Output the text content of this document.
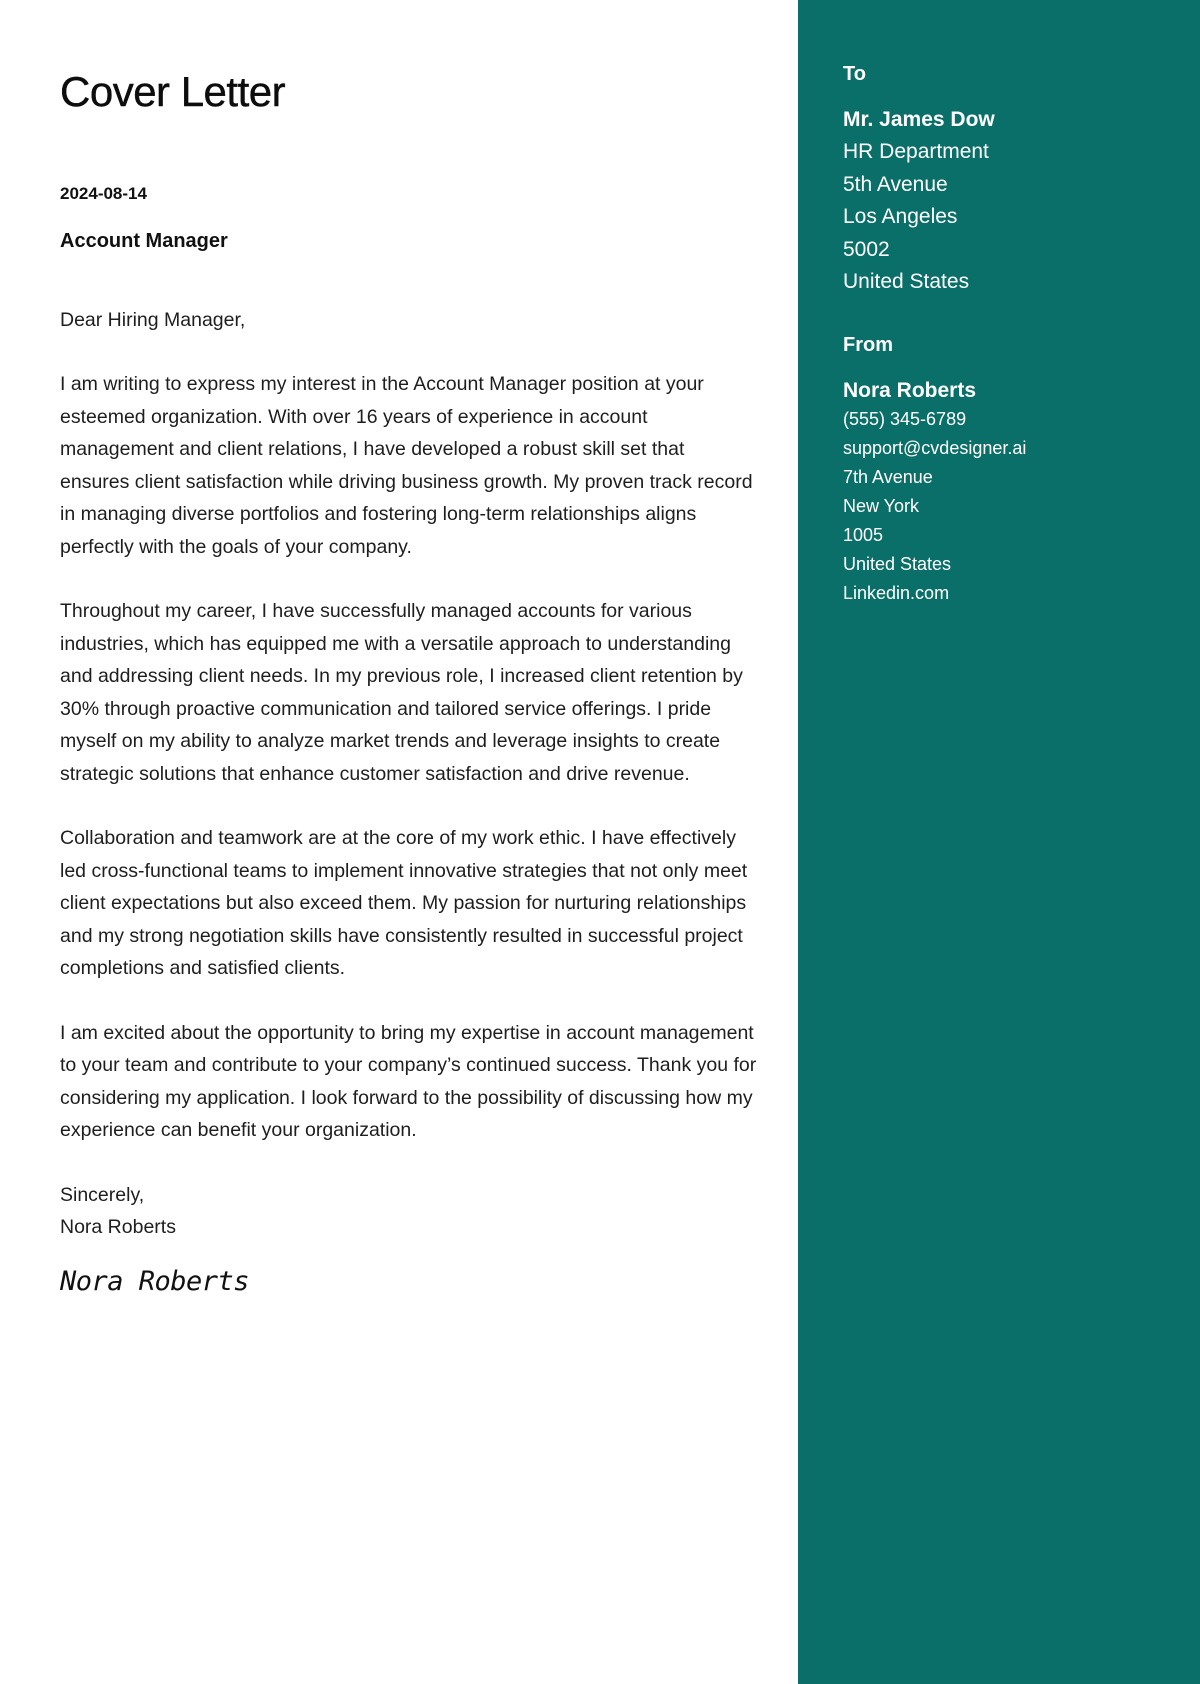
Cover Letter
2024-08-14
Account Manager
Dear Hiring Manager,
I am writing to express my interest in the Account Manager position at your esteemed organization. With over 16 years of experience in account management and client relations, I have developed a robust skill set that ensures client satisfaction while driving business growth. My proven track record in managing diverse portfolios and fostering long-term relationships aligns perfectly with the goals of your company.
Throughout my career, I have successfully managed accounts for various industries, which has equipped me with a versatile approach to understanding and addressing client needs. In my previous role, I increased client retention by 30% through proactive communication and tailored service offerings. I pride myself on my ability to analyze market trends and leverage insights to create strategic solutions that enhance customer satisfaction and drive revenue.
Collaboration and teamwork are at the core of my work ethic. I have effectively led cross-functional teams to implement innovative strategies that not only meet client expectations but also exceed them. My passion for nurturing relationships and my strong negotiation skills have consistently resulted in successful project completions and satisfied clients.
I am excited about the opportunity to bring my expertise in account management to your team and contribute to your company’s continued success. Thank you for considering my application. I look forward to the possibility of discussing how my experience can benefit your organization.
Sincerely,
Nora Roberts
Nora Roberts
To
Mr. James Dow
HR Department
5th Avenue
Los Angeles
5002
United States
From
Nora Roberts
(555) 345-6789
support@cvdesigner.ai
7th Avenue
New York
1005
United States
Linkedin.com
